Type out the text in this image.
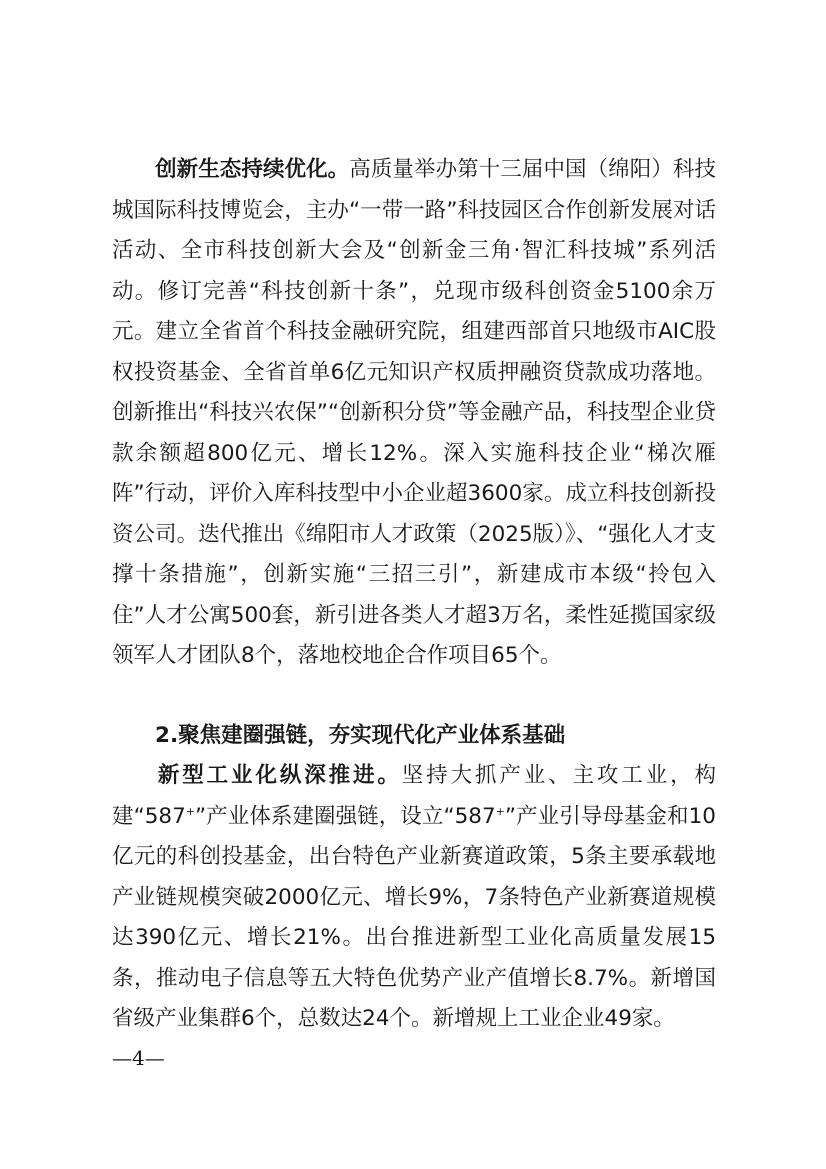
创新生态持续优化。高质量举办第十三届中国（绵阳）科技城国际科技博览会，主办“一带一路”科技园区合作创新发展对话活动、全市科技创新大会及“创新金三角·智汇科技城”系列活动。修订完善“科技创新十条”，兑现市级科创资金5100余万元。建立全省首个科技金融研究院，组建西部首只地级市AIC股权投资基金、全省首单6亿元知识产权质押融资贷款成功落地。创新推出“科技兴农保”“创新积分贷”等金融产品，科技型企业贷款余额超800亿元、增长12%。深入实施科技企业“梯次雁阵”行动，评价入库科技型中小企业超3600家。成立科技创新投资公司。迭代推出《绵阳市人才政策（2025版）》、“强化人才支撑十条措施”，创新实施“三招三引”，新建成市本级“拎包入住”人才公寓500套，新引进各类人才超3万名，柔性延揽国家级领军人才团队8个，落地校地企合作项目65个。

2.聚焦建圈强链，夯实现代化产业体系基础

新型工业化纵深推进。坚持大抓产业、主攻工业，构建“587+”产业体系建圈强链，设立“587+”产业引导母基金和10亿元的科创投基金，出台特色产业新赛道政策，5条主要承载地产业链规模突破2000亿元、增长9%，7条特色产业新赛道规模达390亿元、增长21%。出台推进新型工业化高质量发展15条，推动电子信息等五大特色优势产业产值增长8.7%。新增国省级产业集群6个，总数达24个。新增规上工业企业49家。

—4—
